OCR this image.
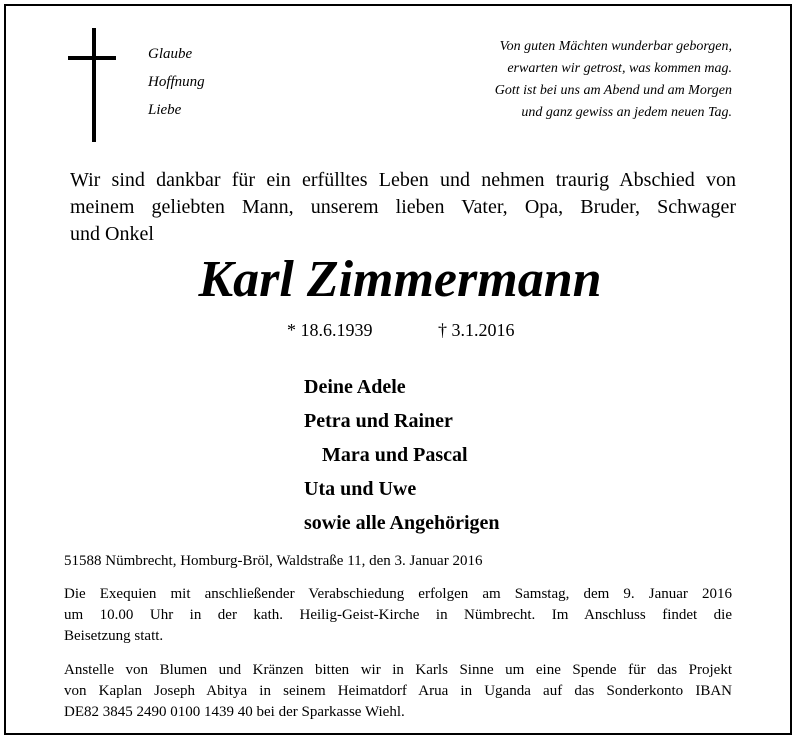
Glaube
Hoffnung
Liebe
Von guten Mächten wunderbar geborgen,
erwarten wir getrost, was kommen mag.
Gott ist bei uns am Abend und am Morgen
und ganz gewiss an jedem neuen Tag.
Wir sind dankbar für ein erfülltes Leben und nehmen traurig Abschied von
meinem geliebten Mann, unserem lieben Vater, Opa, Bruder, Schwager
und Onkel
Karl Zimmermann
* 18.6.1939	† 3.1.2016
Deine Adele
Petra und Rainer
Mara und Pascal
Uta und Uwe
sowie alle Angehörigen
51588 Nümbrecht, Homburg-Bröl, Waldstraße 11, den 3. Januar 2016
Die Exequien mit anschließender Verabschiedung erfolgen am Samstag, dem 9. Januar 2016
um 10.00 Uhr in der kath. Heilig-Geist-Kirche in Nümbrecht. Im Anschluss findet die
Beisetzung statt.
Anstelle von Blumen und Kränzen bitten wir in Karls Sinne um eine Spende für das Projekt
von Kaplan Joseph Abitya in seinem Heimatdorf Arua in Uganda auf das Sonderkonto IBAN
DE82 3845 2490 0100 1439 40 bei der Sparkasse Wiehl.
